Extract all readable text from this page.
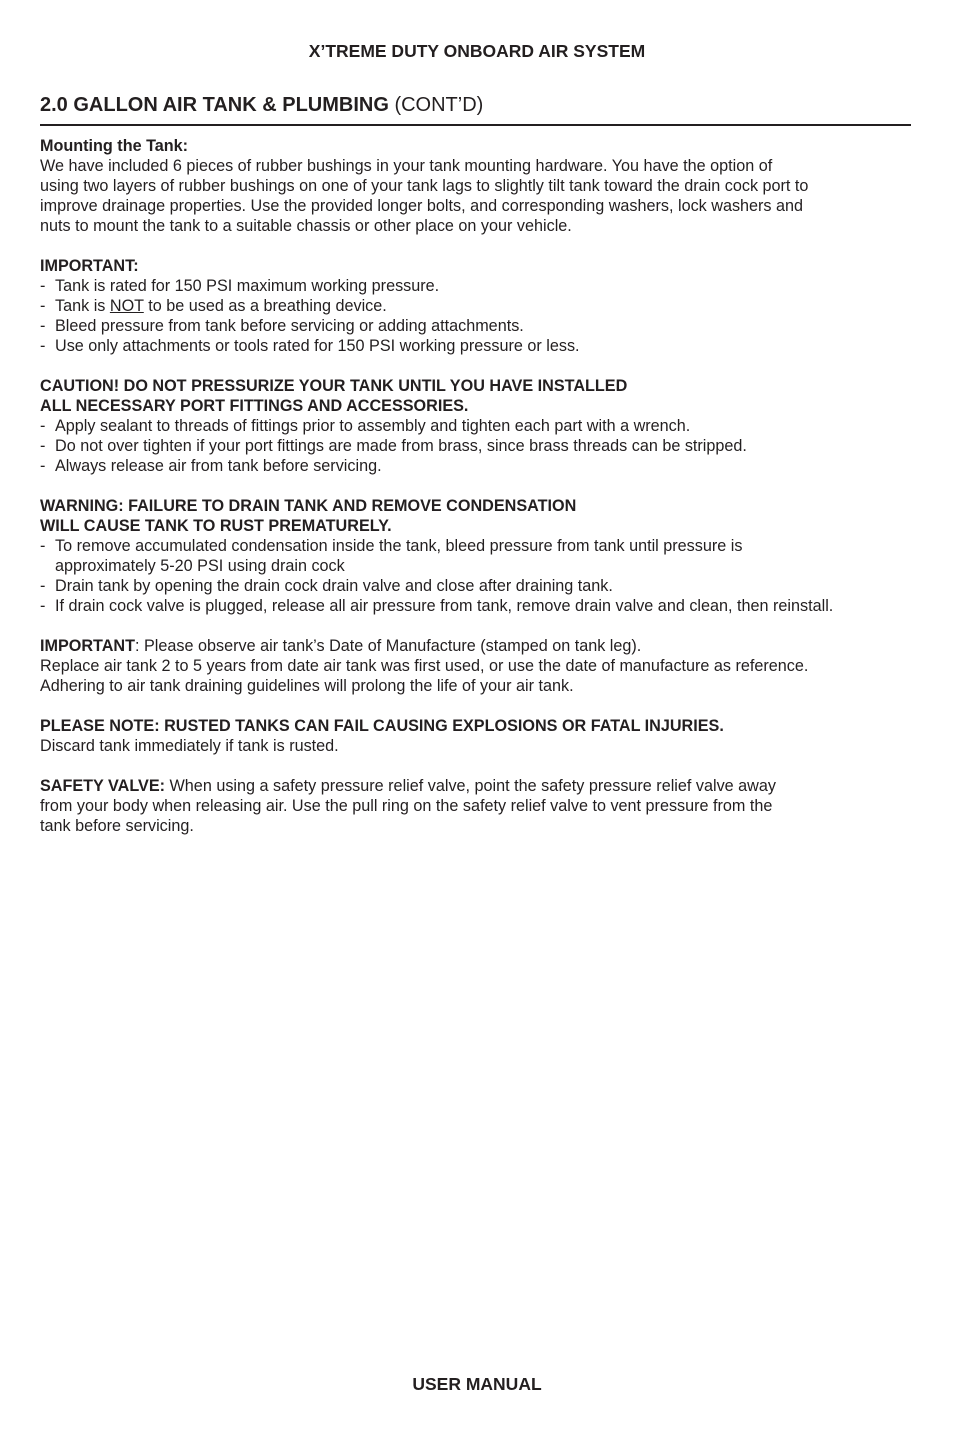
X’TREME DUTY ONBOARD AIR SYSTEM
2.0 GALLON AIR TANK & PLUMBING (CONT’D)

Mounting the Tank:

We have included 6 pieces of rubber bushings in your tank mounting hardware. You have the option of

using two layers of rubber bushings on one of your tank lags to slightly tilt tank toward the drain cock port to

improve drainage properties. Use the provided longer bolts, and corresponding washers, lock washers and

nuts to mount the tank to a suitable chassis or other place on your vehicle.

IMPORTANT:

- Tank is rated for 150 PSI maximum working pressure.
- Tank is NOT to be used as a breathing device.
- Bleed pressure from tank before servicing or adding attachments.
- Use only attachments or tools rated for 150 PSI working pressure or less.

CAUTION! DO NOT PRESSURIZE YOUR TANK UNTIL YOU HAVE INSTALLED

ALL NECESSARY PORT FITTINGS AND ACCESSORIES.

- Apply sealant to threads of fittings prior to assembly and tighten each part with a wrench.
- Do not over tighten if your port fittings are made from brass, since brass threads can be stripped.
- Always release air from tank before servicing.

WARNING: FAILURE TO DRAIN TANK AND REMOVE CONDENSATION

WILL CAUSE TANK TO RUST PREMATURELY.

- To remove accumulated condensation inside the tank, bleed pressure from tank until pressure is
approximately 5-20 PSI using drain cock
- Drain tank by opening the drain cock drain valve and close after draining tank.
- If drain cock valve is plugged, release all air pressure from tank, remove drain valve and clean, then reinstall.

IMPORTANT: Please observe air tank’s Date of Manufacture (stamped on tank leg).

Replace air tank 2 to 5 years from date air tank was first used, or use the date of manufacture as reference.

Adhering to air tank draining guidelines will prolong the life of your air tank.

PLEASE NOTE: RUSTED TANKS CAN FAIL CAUSING EXPLOSIONS OR FATAL INJURIES.

Discard tank immediately if tank is rusted.

SAFETY VALVE: When using a safety pressure relief valve, point the safety pressure relief valve away

from your body when releasing air. Use the pull ring on the safety relief valve to vent pressure from the

tank before servicing.

USER MANUAL
